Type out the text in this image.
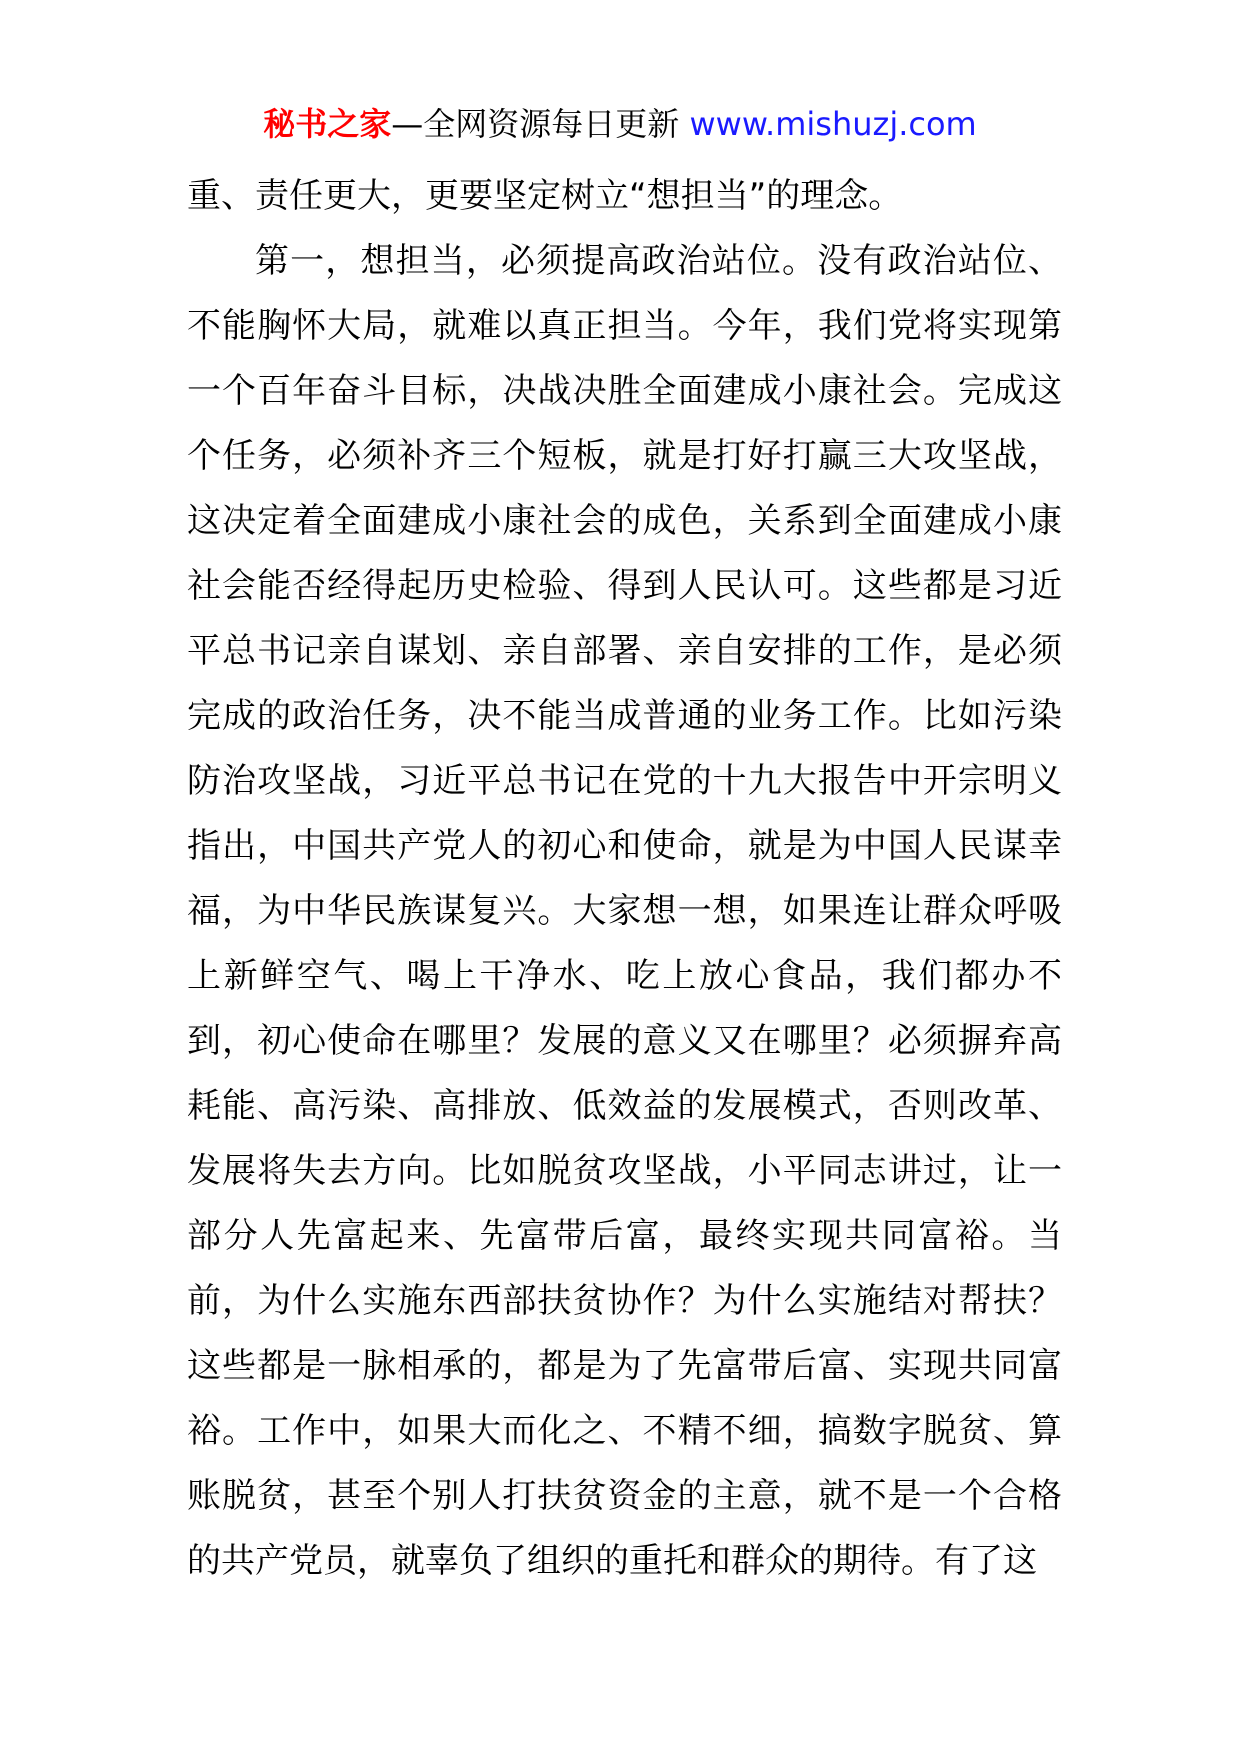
秘书之家—全网资源每日更新 www.mishuzj.com

重、责任更大，更要坚定树立“想担当”的理念。

第一，想担当，必须提高政治站位。没有政治站位、不能胸怀大局，就难以真正担当。今年，我们党将实现第一个百年奋斗目标，决战决胜全面建成小康社会。完成这个任务，必须补齐三个短板，就是打好打赢三大攻坚战，这决定着全面建成小康社会的成色，关系到全面建成小康社会能否经得起历史检验、得到人民认可。这些都是习近平总书记亲自谋划、亲自部署、亲自安排的工作，是必须完成的政治任务，决不能当成普通的业务工作。比如污染防治攻坚战，习近平总书记在党的十九大报告中开宗明义指出，中国共产党人的初心和使命，就是为中国人民谋幸福，为中华民族谋复兴。大家想一想，如果连让群众呼吸上新鲜空气、喝上干净水、吃上放心食品，我们都办不到，初心使命在哪里？发展的意义又在哪里？必须摒弃高耗能、高污染、高排放、低效益的发展模式，否则改革、发展将失去方向。比如脱贫攻坚战，小平同志讲过，让一部分人先富起来、先富带后富，最终实现共同富裕。当前，为什么实施东西部扶贫协作？为什么实施结对帮扶？这些都是一脉相承的，都是为了先富带后富、实现共同富裕。工作中，如果大而化之、不精不细，搞数字脱贫、算账脱贫，甚至个别人打扶贫资金的主意，就不是一个合格的共产党员，就辜负了组织的重托和群众的期待。有了这
